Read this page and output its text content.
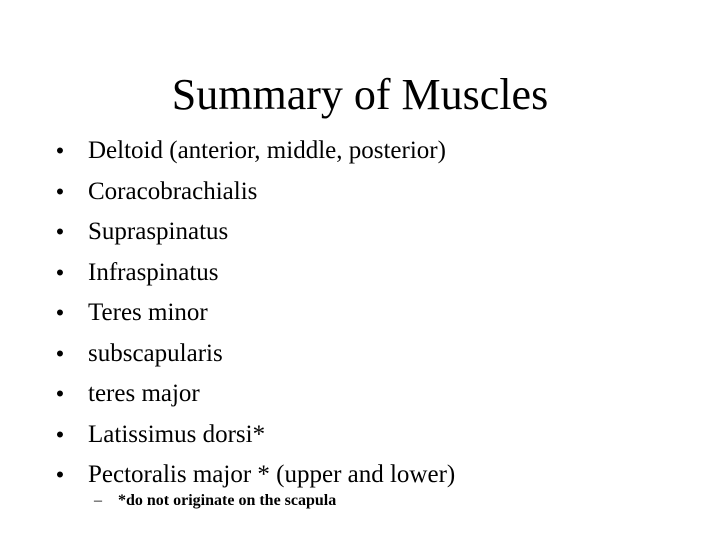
Summary of Muscles
• Deltoid (anterior, middle, posterior)
• Coracobrachialis
• Supraspinatus
• Infraspinatus
• Teres minor
• subscapularis
• teres major
• Latissimus dorsi*
• Pectoralis major * (upper and lower)
– *do not originate on the scapula
